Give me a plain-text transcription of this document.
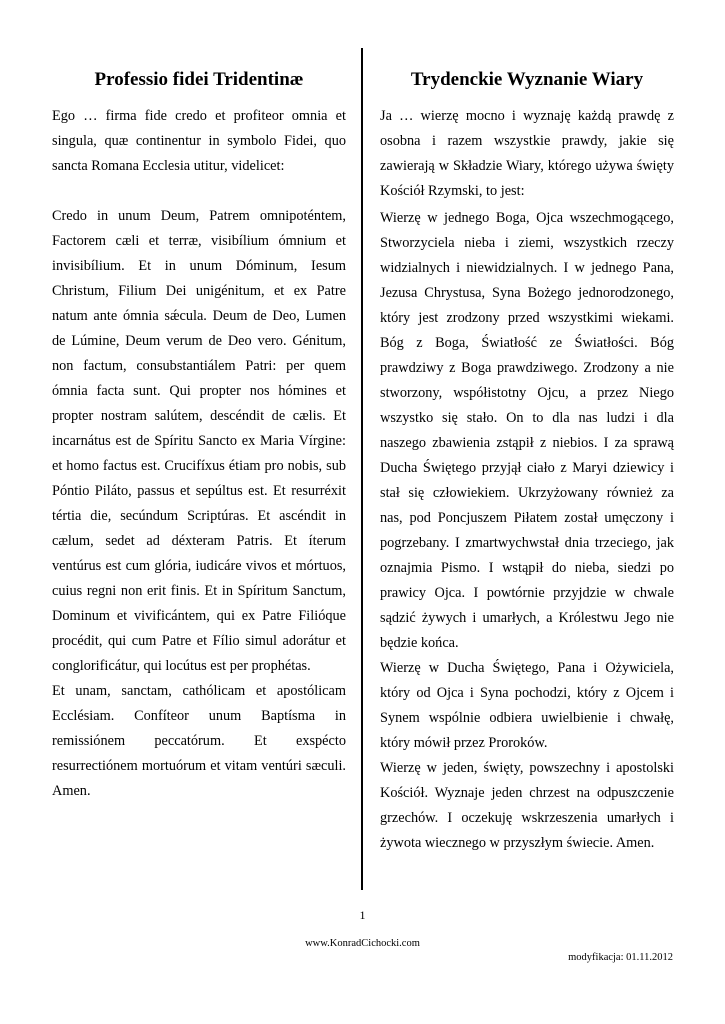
Professio fidei Tridentinæ

Ego … firma fide credo et profiteor omnia et singula, quæ continentur in symbolo Fidei, quo sancta Romana Ecclesia utitur, videlicet:

Credo in unum Deum, Patrem omnipoténtem, Factorem cæli et terræ, visibílium ómnium et invisibílium. Et in unum Dóminum, Iesum Christum, Filium Dei unigénitum, et ex Patre natum ante ómnia sǽcula. Deum de Deo, Lumen de Lúmine, Deum verum de Deo vero. Génitum, non factum, consubstantiálem Patri: per quem ómnia facta sunt. Qui propter nos hómines et propter nostram salútem, descéndit de cælis. Et incarnátus est de Spíritu Sancto ex Maria Vírgine: et homo factus est. Crucifíxus étiam pro nobis, sub Póntio Piláto, passus et sepúltus est. Et resurréxit tértia die, secúndum Scriptúras. Et ascéndit in cælum, sedet ad déxteram Patris. Et íterum ventúrus est cum glória, iudicáre vivos et mórtuos, cuius regni non erit finis. Et in Spíritum Sanctum, Dominum et vivificántem, qui ex Patre Filióque procédit, qui cum Patre et Fílio simul adorátur et conglorificátur, qui locútus est per prophétas.

Et unam, sanctam, cathólicam et apostólicam Ecclésiam. Confíteor unum Baptísma in remissiónem peccatórum. Et exspécto resurrectiónem mortuórum et vitam ventúri sæculi. Amen.

Trydenckie Wyznanie Wiary

Ja … wierzę mocno i wyznaję każdą prawdę z osobna i razem wszystkie prawdy, jakie się zawierają w Składzie Wiary, którego używa święty Kościół Rzymski, to jest:

Wierzę w jednego Boga, Ojca wszechmogącego, Stworzyciela nieba i ziemi, wszystkich rzeczy widzialnych i niewidzialnych. I w jednego Pana, Jezusa Chrystusa, Syna Bożego jednorodzonego, który jest zrodzony przed wszystkimi wiekami. Bóg z Boga, Światłość ze Światłości. Bóg prawdziwy z Boga prawdziwego. Zrodzony a nie stworzony, współistotny Ojcu, a przez Niego wszystko się stało. On to dla nas ludzi i dla naszego zbawienia zstąpił z niebios. I za sprawą Ducha Świętego przyjął ciało z Maryi dziewicy i stał się człowiekiem. Ukrzyżowany również za nas, pod Poncjuszem Piłatem został umęczony i pogrzebany. I zmartwychwstał dnia trzeciego, jak oznajmia Pismo. I wstąpił do nieba, siedzi po prawicy Ojca. I powtórnie przyjdzie w chwale sądzić żywych i umarłych, a Królestwu Jego nie będzie końca.

Wierzę w Ducha Świętego, Pana i Ożywiciela, który od Ojca i Syna pochodzi, który z Ojcem i Synem wspólnie odbiera uwielbienie i chwałę, który mówił przez Proroków.

Wierzę w jeden, święty, powszechny i apostolski Kościół. Wyznaje jeden chrzest na odpuszczenie grzechów. I oczekuję wskrzeszenia umarłych i żywota wiecznego w przyszłym świecie. Amen.

1
www.KonradCichocki.com
modyfikacja: 01.11.2012
